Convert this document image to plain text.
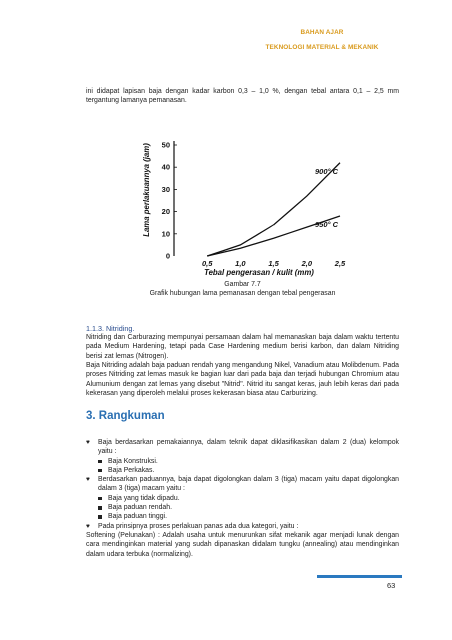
BAHAN AJAR
TEKNOLOGI MATERIAL & MEKANIK
ini didapat lapisan baja dengan kadar karbon 0,3 – 1,0 %, dengan tebal antara 0,1 – 2,5 mm tergantung lamanya pemanasan.
50
40
30
20
10
0
0,5	1,0	1,5	2,0	2,5
900° C
950° C
Lama perlakuannya (jam)
Tebal pengerasan / kulit (mm)
Gambar 7.7
Grafik hubungan lama pemanasan dengan tebal pengerasan
1.1.3. Nitriding.
Nitriding dan Carburazing mempunyai persamaan dalam hal memanaskan baja dalam waktu tertentu pada Medium Hardening, tetapi pada Case Hardening medium berisi karbon, dan dalam Nitriding berisi zat lemas (Nitrogen).
Baja Nitriding adalah baja paduan rendah yang mengandung Nikel, Vanadium atau Molibdenum. Pada proses Nitriding zat lemas masuk ke bagian luar dari pada baja dan terjadi hubungan Chromium atau Alumunium dengan zat lemas yang disebut "Nitrid". Nitrid itu sangat keras, jauh lebih keras dari pada kekerasan yang diperoleh melalui proses kekerasan biasa atau Carburizing.
3. Rangkuman
♥ Baja berdasarkan pemakaiannya, dalam teknik dapat diklasifikasikan dalam 2 (dua) kelompok yaitu :
Baja Konstruksi.
Baja Perkakas.
♥ Berdasarkan paduannya, baja dapat digolongkan dalam 3 (tiga) macam yaitu dapat digolongkan dalam 3 (tiga) macam yaitu :
Baja yang tidak dipadu.
Baja paduan rendah.
Baja paduan tinggi.
♥ Pada prinsipnya proses perlakuan panas ada dua kategori, yaitu :
Softening (Pelunakan) : Adalah usaha untuk menurunkan sifat mekanik agar menjadi lunak dengan cara mendinginkan material yang sudah dipanaskan didalam tungku (annealing) atau mendinginkan dalam udara terbuka (normalizing).
63
